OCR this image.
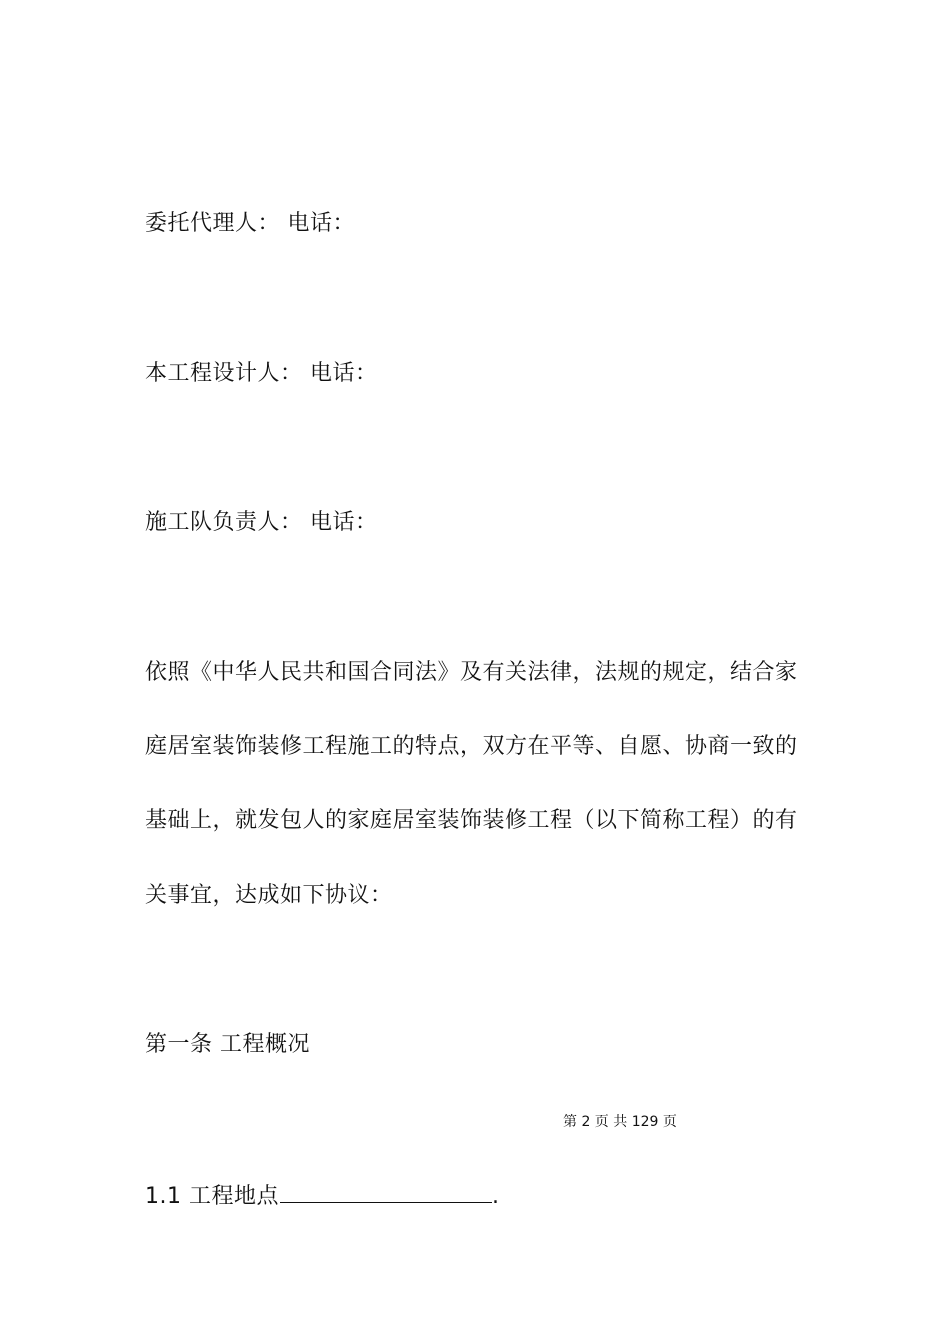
委托代理人： 电话：
本工程设计人： 电话：
施工队负责人： 电话：
依照《中华人民共和国合同法》及有关法律，法规的规定，结合家
庭居室装饰装修工程施工的特点，双方在平等、自愿、协商一致的
基础上，就发包人的家庭居室装饰装修工程（以下简称工程）的有
关事宜，达成如下协议：
第一条 工程概况
第 2 页 共 129 页
1.1 工程地点	.
